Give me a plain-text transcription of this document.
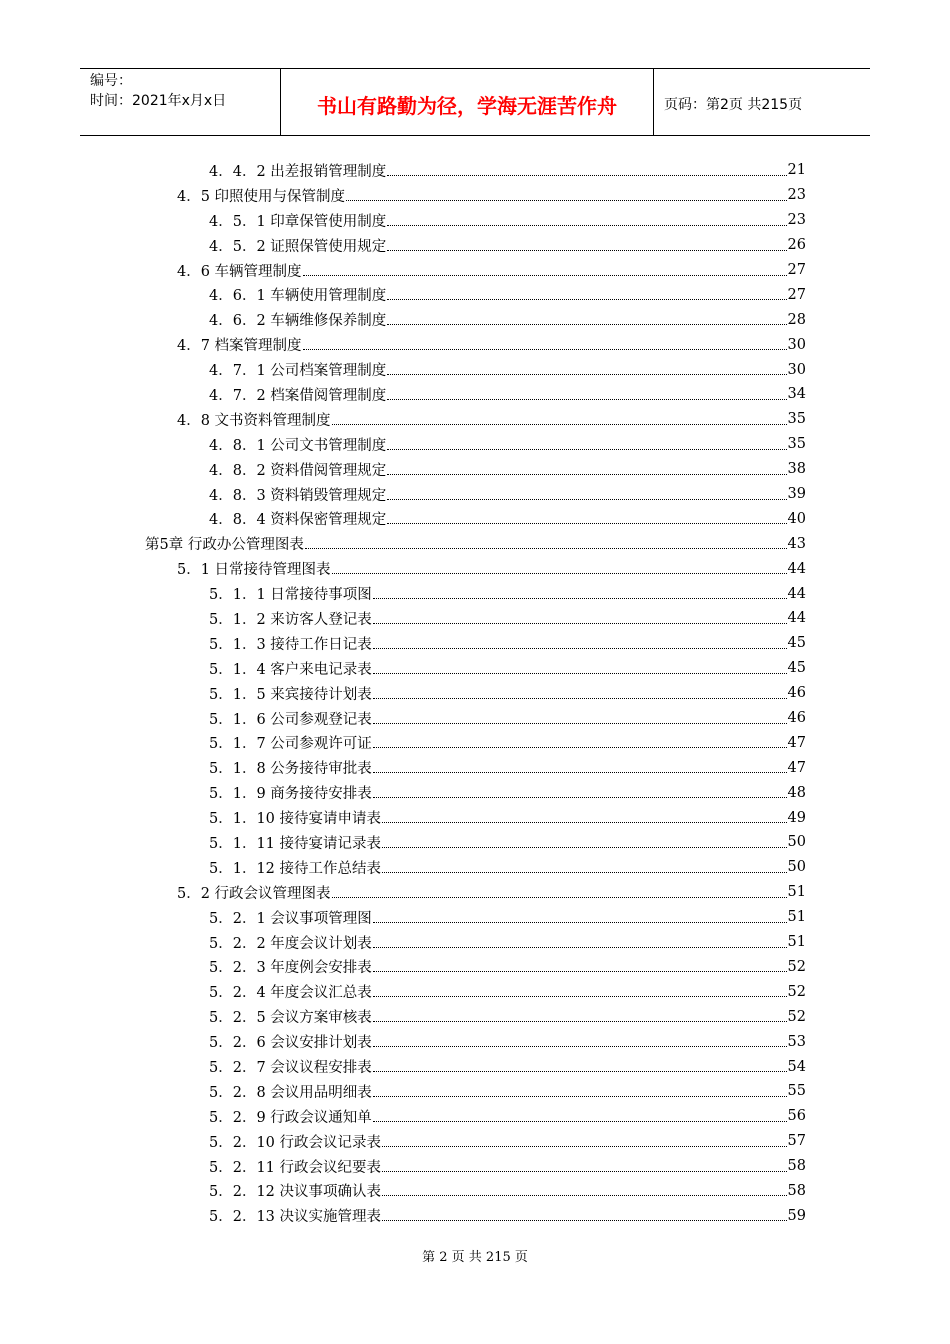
编号：
时间：2021年x月x日	书山有路勤为径，学海无涯苦作舟	页码：第2页 共215页
4．4．2 出差报销管理制度	21
4．5 印照使用与保管制度	23
4．5．1 印章保管使用制度	23
4．5．2 证照保管使用规定	26
4．6 车辆管理制度	27
4．6．1 车辆使用管理制度	27
4．6．2 车辆维修保养制度	28
4．7 档案管理制度	30
4．7．1 公司档案管理制度	30
4．7．2 档案借阅管理制度	34
4．8 文书资料管理制度	35
4．8．1 公司文书管理制度	35
4．8．2 资料借阅管理规定	38
4．8．3 资料销毁管理规定	39
4．8．4 资料保密管理规定	40
第5章 行政办公管理图表	43
5．1 日常接待管理图表	44
5．1．1 日常接待事项图	44
5．1．2 来访客人登记表	44
5．1．3 接待工作日记表	45
5．1．4 客户来电记录表	45
5．1．5 来宾接待计划表	46
5．1．6 公司参观登记表	46
5．1．7 公司参观许可证	47
5．1．8 公务接待审批表	47
5．1．9 商务接待安排表	48
5．1．10 接待宴请申请表	49
5．1．11 接待宴请记录表	50
5．1．12 接待工作总结表	50
5．2 行政会议管理图表	51
5．2．1 会议事项管理图	51
5．2．2 年度会议计划表	51
5．2．3 年度例会安排表	52
5．2．4 年度会议汇总表	52
5．2．5 会议方案审核表	52
5．2．6 会议安排计划表	53
5．2．7 会议议程安排表	54
5．2．8 会议用品明细表	55
5．2．9 行政会议通知单	56
5．2．10 行政会议记录表	57
5．2．11 行政会议纪要表	58
5．2．12 决议事项确认表	58
5．2．13 决议实施管理表	59
第 2 页 共 215 页
